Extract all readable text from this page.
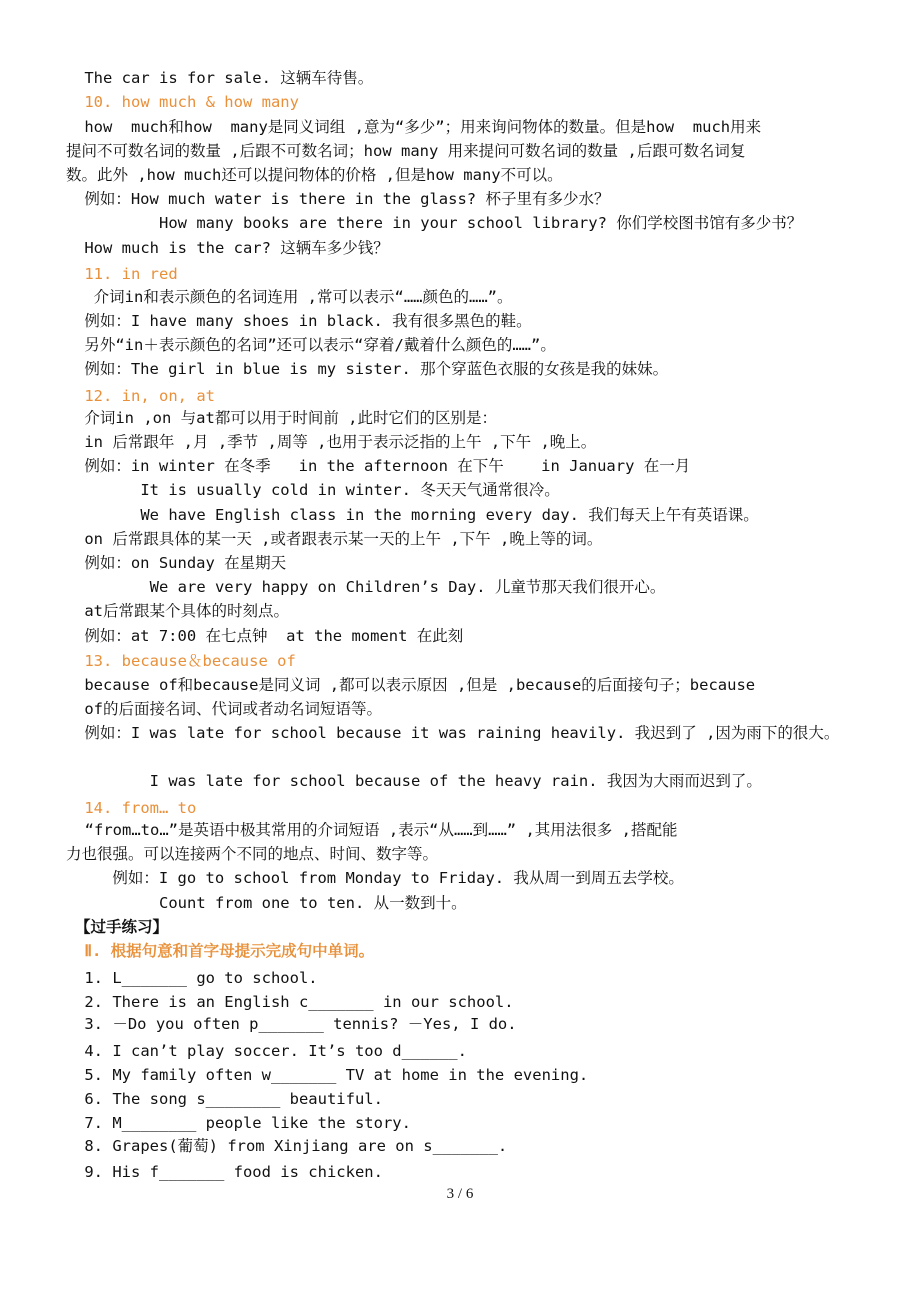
The car is for sale. 这辆车待售。
10. how much & how many
how  much和how  many是同义词组 ,意为“多少”；用来询问物体的数量。但是how  much用来
提问不可数名词的数量 ,后跟不可数名词；how many 用来提问可数名词的数量 ,后跟可数名词复
数。此外 ,how much还可以提问物体的价格 ,但是how many不可以。
例如：How much water is there in the glass? 杯子里有多少水？
How many books are there in your school library? 你们学校图书馆有多少书？
How much is the car? 这辆车多少钱？
11. in red
介词in和表示颜色的名词连用 ,常可以表示“……颜色的……”。
例如：I have many shoes in black. 我有很多黑色的鞋。
另外“in＋表示颜色的名词”还可以表示“穿着/戴着什么颜色的……”。
例如：The girl in blue is my sister. 那个穿蓝色衣服的女孩是我的妹妹。
12. in, on, at
介词in ,on 与at都可以用于时间前 ,此时它们的区别是：
in 后常跟年 ,月 ,季节 ,周等 ,也用于表示泛指的上午 ,下午 ,晚上。
例如：in winter 在冬季   in the afternoon 在下午    in January 在一月
It is usually cold in winter. 冬天天气通常很冷。
We have English class in the morning every day. 我们每天上午有英语课。
on 后常跟具体的某一天 ,或者跟表示某一天的上午 ,下午 ,晚上等的词。
例如：on Sunday 在星期天
We are very happy on Children’s Day. 儿童节那天我们很开心。
at后常跟某个具体的时刻点。
例如：at 7:00 在七点钟  at the moment 在此刻
13. because＆because of
because of和because是同义词 ,都可以表示原因 ,但是 ,because的后面接句子；because
of的后面接名词、代词或者动名词短语等。
例如：I was late for school because it was raining heavily. 我迟到了 ,因为雨下的很大。
I was late for school because of the heavy rain. 我因为大雨而迟到了。
14. from… to
“from…to…”是英语中极其常用的介词短语 ,表示“从……到……” ,其用法很多 ,搭配能
力也很强。可以连接两个不同的地点、时间、数字等。
例如：I go to school from Monday to Friday. 我从周一到周五去学校。
Count from one to ten. 从一数到十。
【过手练习】
Ⅱ. 根据句意和首字母提示完成句中单词。
1. L_______ go to school.
2. There is an English c_______ in our school.
3. －Do you often p_______ tennis? －Yes, I do.
4. I can’t play soccer. It’s too d______.
5. My family often w_______ TV at home in the evening.
6. The song s________ beautiful.
7. M________ people like the story.
8. Grapes(葡萄) from Xinjiang are on s_______.
9. His f_______ food is chicken.
3 / 6
